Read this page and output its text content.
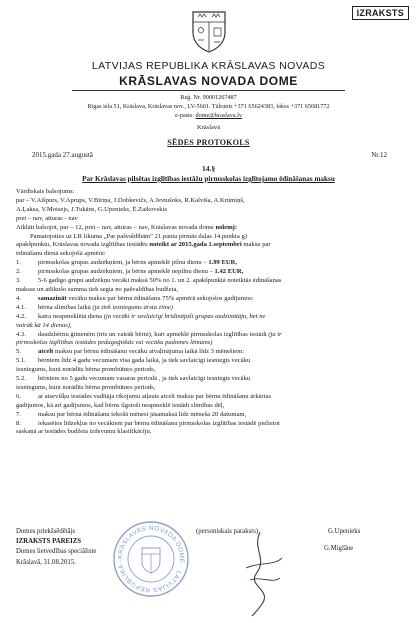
IZRAKSTS
LATVIJAS REPUBLIKA KRĀSLAVAS NOVADS
KRĀSLAVAS NOVADA DOME
Reģ. Nr. 90001267487
Rīgas iela 51, Krāslava, Krāslavas nov., LV-5601. Tālrunis +371 65624383, fakss +371 65681772
e-pasts: dome@kraslava.lv
Krāslavā
SĒDES PROTOKOLS
2015.gada 27.augustā	Nr.12
14.§
Par Krāslavas pilsētas izglītības iestāžu pirmsskolas izglītojamo ēdināšanas maksu

Vārdiskais balsojums:

par – V.Aišpurs, V.Aprups, V.Bīriņa, J.Dobkevičs, A.Jevtušoks, R.Kalviša, A.Krūmiņš,

A.Ļaksa, V.Moisejs, J.Tukāns, G.Upenieks, Ē.Zaikovskis

pret – nav, atturas - nav

Atklāti balsojot, par – 12, pret – nav, atturas – nav, Krāslavas novada dome nolemj:

Pamatojoties uz LR likuma „Par pašvaldībām" 21.panta pirmās daļas 14.punkta g)

apakšpunktu, Krāslavas novada izglītības iestādēs noteikt ar 2015.gada 1.septembri maksu par

ēdināšanu dienā sekojošā apmērā:

1.	pirmsskolas grupas audzēkņiem, ja bērns apmeklē pilnu dienu – 1.99 EUR,

2.	pirmsskolas grupas audzēkņiem, ja bērns apmeklē nepilnu dienu – 1.42 EUR,

3.	5-6 gadīgo grupu audzēkņu vecāki maksā 50% no 1. un 2. apakšpunktā noteiktās ēdināšanas

maksas un atlikušo summa tiek segta no pašvaldības budžeta,

4.	samazināt vecāku maksu par bērnu ēdināšanu 75% apmērā sekojošos gadījumos:

4.1. bērna slimības laikā (ja tiek iesniegums ārsta zīme)

4.2. katra neapmeklētā diena (ja vecāki ir savlaicīgi brīdinājuši grupas audzinātāju, bet ne

vairāk kā 14 dienas),

4.3. daudzbērnu ģimenēm (trīs un vairāk bērni), kuri apmeklē pirmsskolas izglītības iestādi (ja ir

pirmsskolas izglītības iestādes pedagoģiskās vai vecāku padomes lēmums)

5.	atcelt maksu par bērnu ēdināšanu vecāku atvaļinājuma laikā līdz 3 mēnešiem:

5.1. bērniem līdz 4 gadu vecumam visa gada laikā, ja tiek savlaicīgi iesniegts vecāku

iesniegums, kurā norādīts bērna prombūtnes periods,

5.2. bērniem no 5 gadu vecumam vasaras periodā , ja tiek savlaicīgi iesniegts vecāku

iesniegums, kurā norādīts bērna prombūtnes periods,

6.	ar atsevišķu iestādes vadītāja rīkojumu atļauts atcelt maksu par bērnu ēdināšanu ārkārtas

gadījumos, kā arī gadījumos, kad bērns ilgstoši neapmeklē iestādi slimības dēļ,

7.	maksu par bērna ēdināšanu tekošā mēnesī jāsamaksā līdz mēneša 20 datumam,

8.	iekasētos līdzekļus no vecākiem par bērnu ēdināšanu pirmsskolas izglītības iestādē pielietot

saskaņā ar iestādes budžeta izdevumu klasifikāciju.

Domes priekšsēdētājs	(personiskais paraksts)	G.Upenieks
IZRAKSTS PAREIZS
Domes lietvedības speciāliste	G.Miglāne
Krāslavā, 31.08.2015.
KRĀSLAVAS NOVADA DOME · LATVIJAS REPUBLIKA ·
